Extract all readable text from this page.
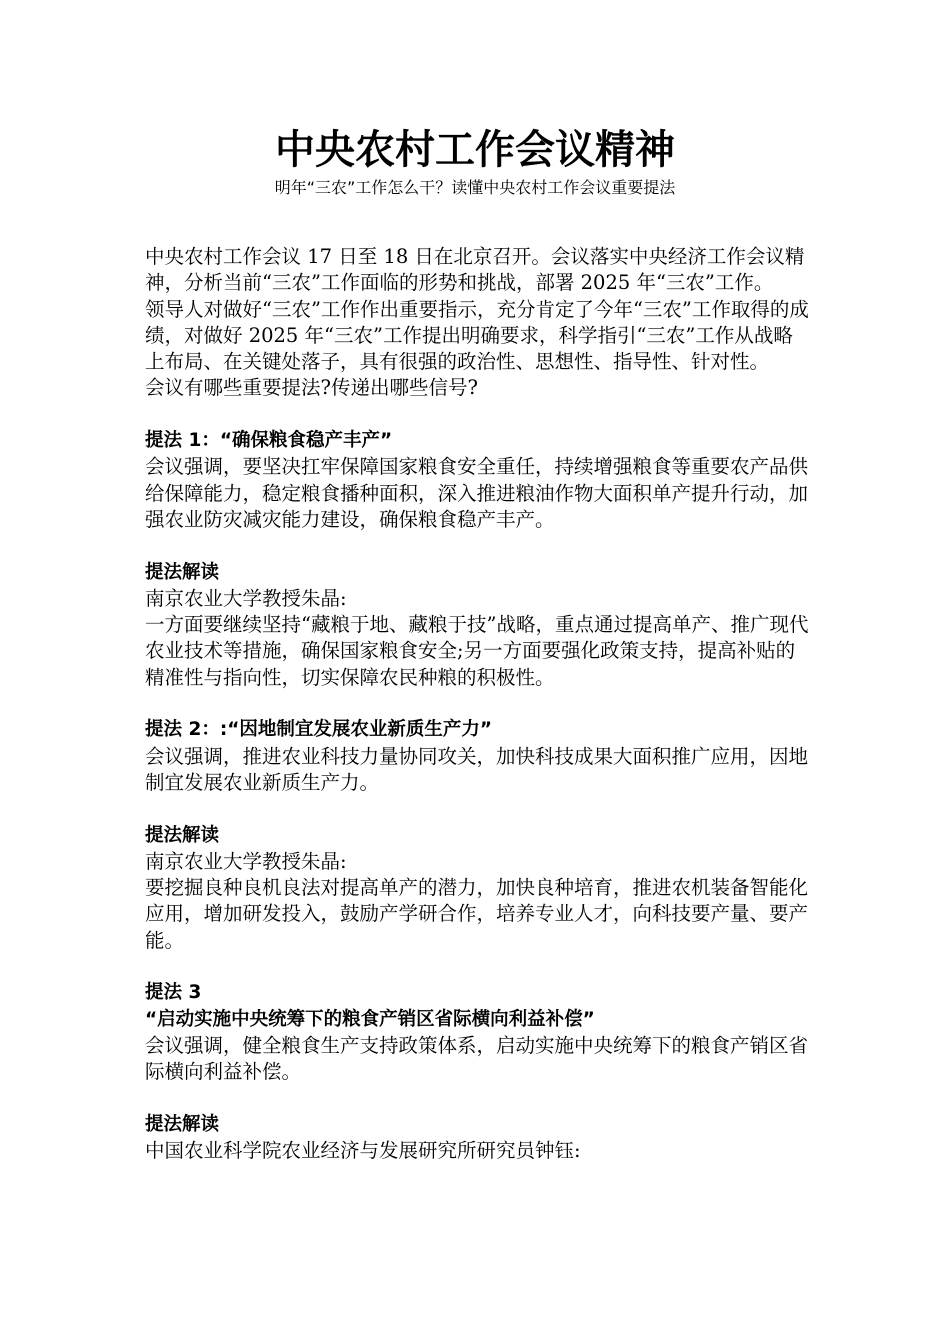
中央农村工作会议精神

明年“三农”工作怎么干？读懂中央农村工作会议重要提法

中央农村工作会议 17 日至 18 日在北京召开。会议落实中央经济工作会议精神，分析当前“三农”工作面临的形势和挑战，部署 2025 年“三农”工作。

领导人对做好“三农”工作作出重要指示，充分肯定了今年“三农”工作取得的成绩，对做好 2025 年“三农”工作提出明确要求，科学指引“三农”工作从战略上布局、在关键处落子，具有很强的政治性、思想性、指导性、针对性。

会议有哪些重要提法?传递出哪些信号?

提法 1：“确保粮食稳产丰产”

会议强调，要坚决扛牢保障国家粮食安全重任，持续增强粮食等重要农产品供给保障能力，稳定粮食播种面积，深入推进粮油作物大面积单产提升行动，加强农业防灾减灾能力建设，确保粮食稳产丰产。

提法解读

南京农业大学教授朱晶:

一方面要继续坚持“藏粮于地、藏粮于技”战略，重点通过提高单产、推广现代农业技术等措施，确保国家粮食安全;另一方面要强化政策支持，提高补贴的精准性与指向性，切实保障农民种粮的积极性。

提法 2：:“因地制宜发展农业新质生产力”

会议强调，推进农业科技力量协同攻关，加快科技成果大面积推广应用，因地制宜发展农业新质生产力。

提法解读

南京农业大学教授朱晶:

要挖掘良种良机良法对提高单产的潜力，加快良种培育，推进农机装备智能化应用，增加研发投入，鼓励产学研合作，培养专业人才，向科技要产量、要产能。

提法 3

“启动实施中央统筹下的粮食产销区省际横向利益补偿”

会议强调，健全粮食生产支持政策体系，启动实施中央统筹下的粮食产销区省际横向利益补偿。

提法解读

中国农业科学院农业经济与发展研究所研究员钟钰:
